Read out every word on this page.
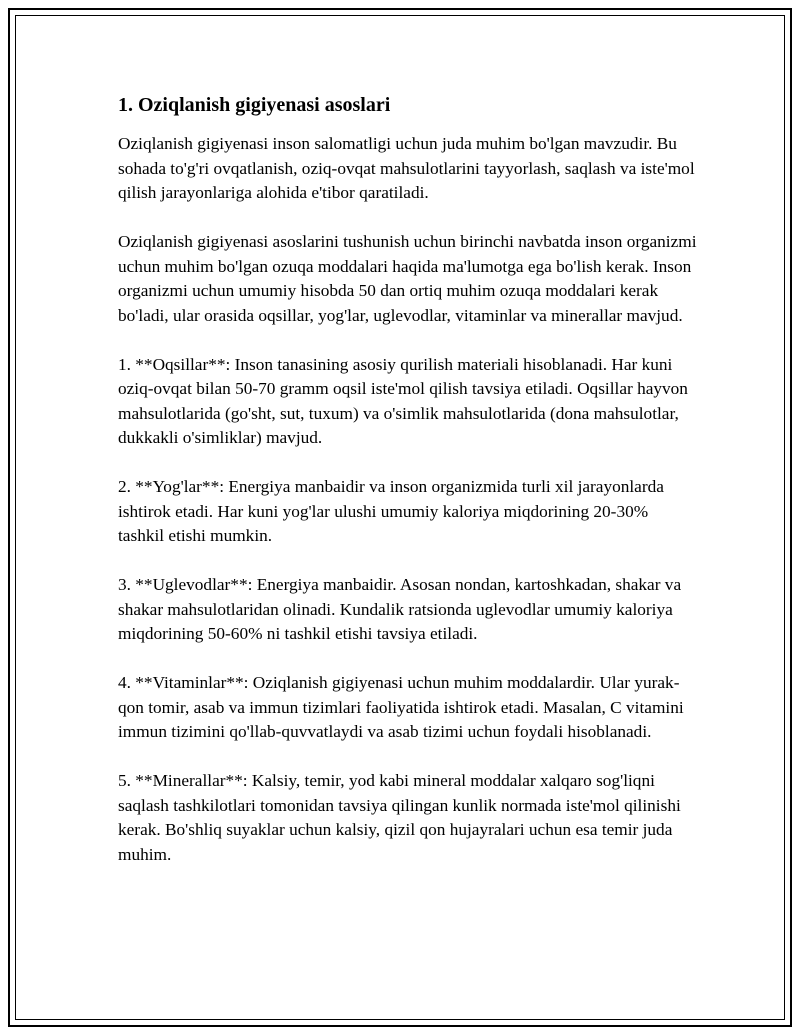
1. Oziqlanish gigiyenasi asoslari

Oziqlanish gigiyenasi inson salomatligi uchun juda muhim bo'lgan mavzudir. Bu sohada to'g'ri ovqatlanish, oziq-ovqat mahsulotlarini tayyorlash, saqlash va iste'mol qilish jarayonlariga alohida e'tibor qaratiladi.

Oziqlanish gigiyenasi asoslarini tushunish uchun birinchi navbatda inson organizmi uchun muhim bo'lgan ozuqa moddalari haqida ma'lumotga ega bo'lish kerak. Inson organizmi uchun umumiy hisobda 50 dan ortiq muhim ozuqa moddalari kerak bo'ladi, ular orasida oqsillar, yog'lar, uglevodlar, vitaminlar va minerallar mavjud.

1. **Oqsillar**: Inson tanasining asosiy qurilish materiali hisoblanadi. Har kuni oziq-ovqat bilan 50-70 gramm oqsil iste'mol qilish tavsiya etiladi. Oqsillar hayvon mahsulotlarida (go'sht, sut, tuxum) va o'simlik mahsulotlarida (dona mahsulotlar, dukkakli o'simliklar) mavjud.

2. **Yog'lar**: Energiya manbaidir va inson organizmida turli xil jarayonlarda ishtirok etadi. Har kuni yog'lar ulushi umumiy kaloriya miqdorining 20-30% tashkil etishi mumkin.

3. **Uglevodlar**: Energiya manbaidir. Asosan nondan, kartoshkadan, shakar va shakar mahsulotlaridan olinadi. Kundalik ratsionda uglevodlar umumiy kaloriya miqdorining 50-60% ni tashkil etishi tavsiya etiladi.

4. **Vitaminlar**: Oziqlanish gigiyenasi uchun muhim moddalardir. Ular yurak-qon tomir, asab va immun tizimlari faoliyatida ishtirok etadi. Masalan, C vitamini immun tizimini qo'llab-quvvatlaydi va asab tizimi uchun foydali hisoblanadi.

5. **Minerallar**: Kalsiy, temir, yod kabi mineral moddalar xalqaro sog'liqni saqlash tashkilotlari tomonidan tavsiya qilingan kunlik normada iste'mol qilinishi kerak. Bo'shliq suyaklar uchun kalsiy, qizil qon hujayralari uchun esa temir juda muhim.
